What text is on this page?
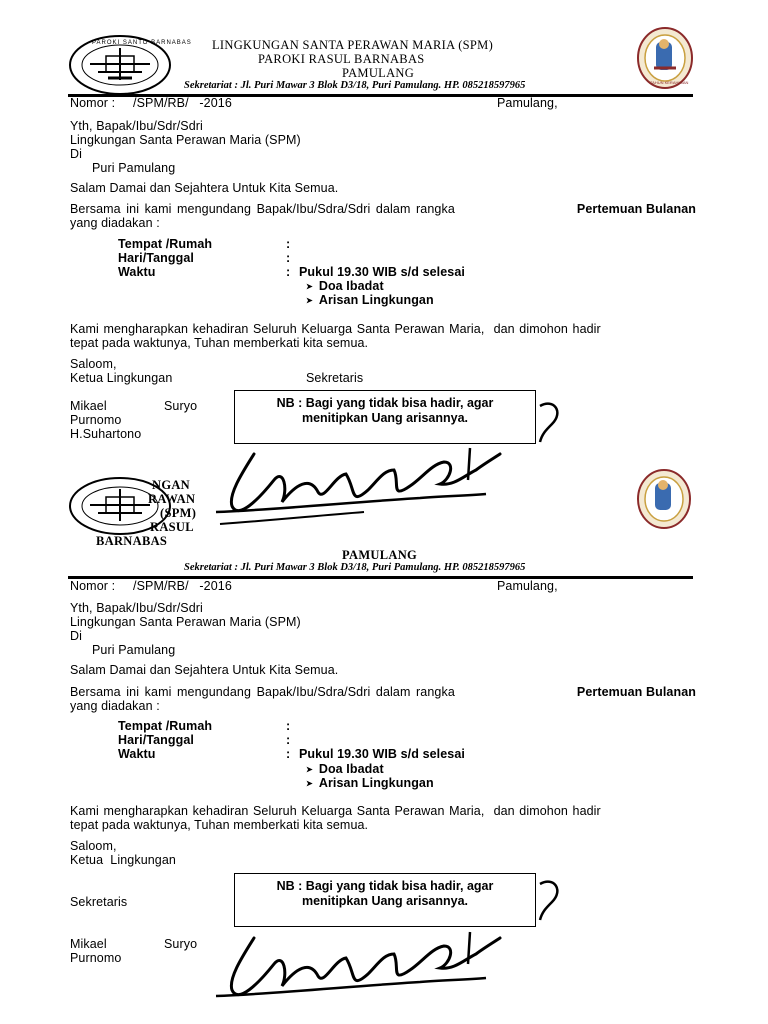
PAROKI SANTO BARNABAS LINGKUNGAN SANTA PERAWAN MARIA (SPM)
PAROKI RASUL BARNABAS
PAMULANG
Sekretariat : Jl. Puri Mawar 3 Blok D3/18, Puri Pamulang. HP. 085218597965	TAHUN KERAHIMAN
Nomor :     /SPM/RB/   -2016	Pamulang,
Yth, Bapak/Ibu/Sdr/Sdri
Lingkungan Santa Perawan Maria (SPM)
Di
Puri Pamulang
Salam Damai dan Sejahtera Untuk Kita Semua.
Bersama ini kami mengundang Bapak/Ibu/Sdra/Sdri dalam rangka	Pertemuan Bulanan
yang diadakan :
Tempat /Rumah	:
Hari/Tanggal	:
Waktu	: Pukul 19.30 WIB s/d selesai
➤ Doa Ibadat
➤ Arisan Lingkungan
Kami mengharapkan kehadiran Seluruh Keluarga Santa Perawan Maria,  dan dimohon hadir
tepat pada waktunya, Tuhan memberkati kita semua.
Saloom,
Ketua Lingkungan	Sekretaris
Mikael	Suryo
Purnomo
H.Suhartono
NB : Bagi yang tidak bisa hadir, agar
menitipkan Uang arisannya.
NGAN
RAWAN
(SPM)
RASUL
BARNABAS
PAMULANG
Sekretariat : Jl. Puri Mawar 3 Blok D3/18, Puri Pamulang. HP. 085218597965
Nomor :     /SPM/RB/   -2016	Pamulang,
Yth, Bapak/Ibu/Sdr/Sdri
Lingkungan Santa Perawan Maria (SPM)
Di
Puri Pamulang
Salam Damai dan Sejahtera Untuk Kita Semua.
Bersama ini kami mengundang Bapak/Ibu/Sdra/Sdri dalam rangka	Pertemuan Bulanan
yang diadakan :
Tempat /Rumah	:
Hari/Tanggal	:
Waktu	: Pukul 19.30 WIB s/d selesai
➤ Doa Ibadat
➤ Arisan Lingkungan
Kami mengharapkan kehadiran Seluruh Keluarga Santa Perawan Maria,  dan dimohon hadir
tepat pada waktunya, Tuhan memberkati kita semua.
Saloom,
Ketua  Lingkungan
Sekretaris
NB : Bagi yang tidak bisa hadir, agar
menitipkan Uang arisannya.
Mikael	Suryo
Purnomo
